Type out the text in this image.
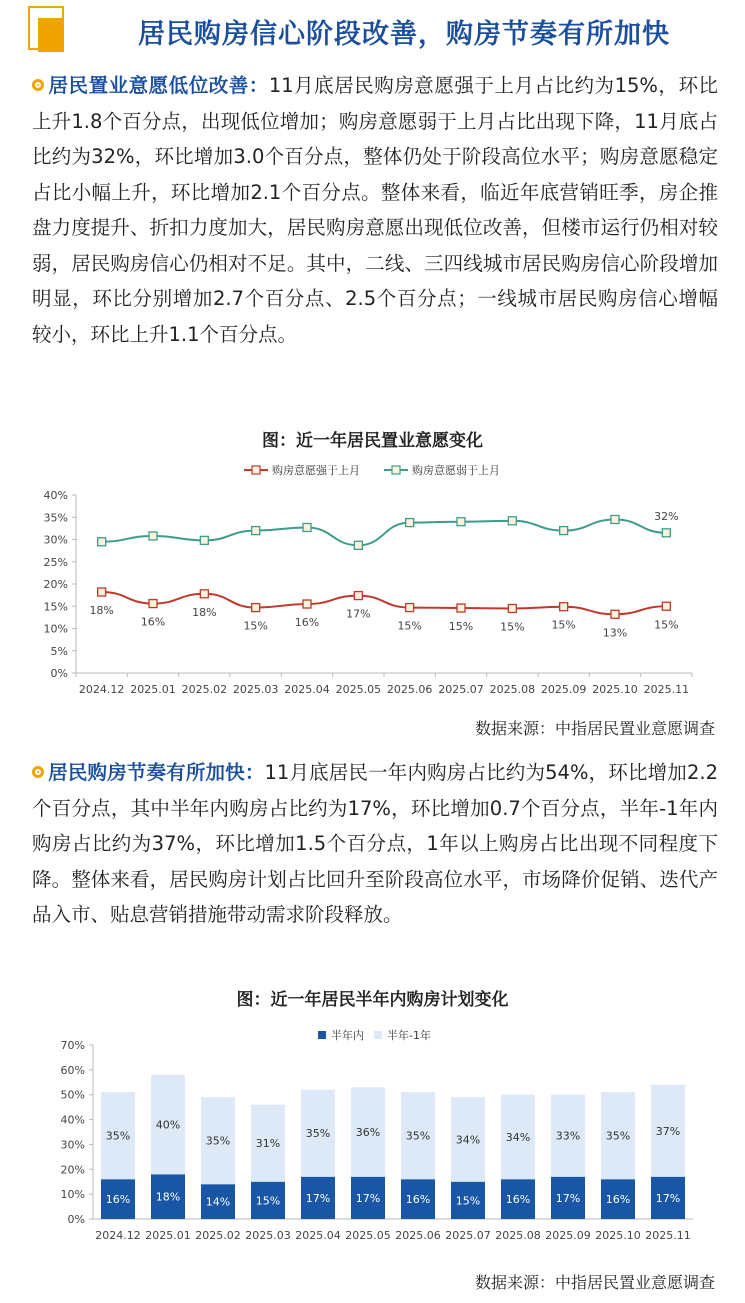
居民购房信心阶段改善，购房节奏有所加快
居民置业意愿低位改善：11月底居民购房意愿强于上月占比约为15%，环比上升1.8个百分点，出现低位增加；购房意愿弱于上月占比出现下降，11月底占比约为32%，环比增加3.0个百分点，整体仍处于阶段高位水平；购房意愿稳定占比小幅上升，环比增加2.1个百分点。整体来看，临近年底营销旺季，房企推盘力度提升、折扣力度加大，居民购房意愿出现低位改善，但楼市运行仍相对较弱，居民购房信心仍相对不足。其中，二线、三四线城市居民购房信心阶段增加明显，环比分别增加2.7个百分点、2.5个百分点；一线城市居民购房信心增幅较小，环比上升1.1个百分点。
图：近一年居民置业意愿变化
购房意愿强于上月	购房意愿弱于上月
0%
5%
10%
15%
20%
25%
30%
35%
40%
2024.12 2025.01 2025.02 2025.03 2025.04 2025.05 2025.06 2025.07 2025.08 2025.09 2025.10 2025.11
18%
16%
18%
15% 16%
17%
15% 15% 15% 15%
13%
15%
32%
数据来源：中指居民置业意愿调查
居民购房节奏有所加快：11月底居民一年内购房占比约为54%，环比增加2.2个百分点，其中半年内购房占比约为17%，环比增加0.7个百分点，半年-1年内购房占比约为37%，环比增加1.5个百分点，1年以上购房占比出现不同程度下降。整体来看，居民购房计划占比回升至阶段高位水平，市场降价促销、迭代产品入市、贴息营销措施带动需求阶段释放。
图：近一年居民半年内购房计划变化
半年内 半年-1年
0%
10%
20%
30%
40%
50%
60%
70%
2024.12 2025.01 2025.02 2025.03 2025.04 2025.05 2025.06 2025.07 2025.08 2025.09 2025.10 2025.11
16%
35%
18%
40%
14%
35%
15%
31%
17%
35%
17%
36%
16%
35%
15%
34%
16%
34%
17%
33%
16%
35%
17%
37%
数据来源：中指居民置业意愿调查
